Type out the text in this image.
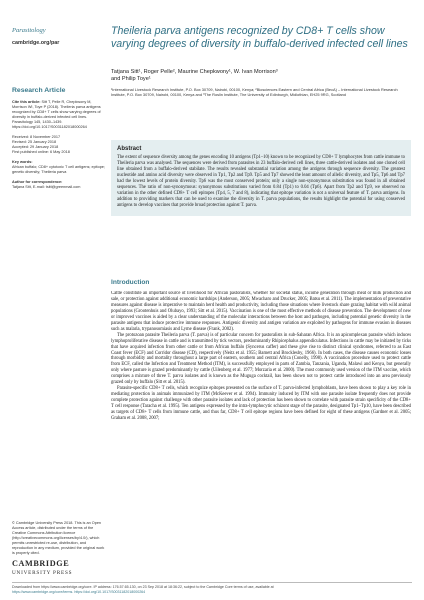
Parasitology
cambridge.org/par
Theileria parva antigens recognized by CD8+ T cells show varying degrees of diversity in buffalo-derived infected cell lines
Tatjana Sitt¹, Roger Pelle², Maurine Chepkwony¹, W. Ivan Morrison³
and Philip Toye¹
¹International Livestock Research Institute, P.O. Box 30709, Nairobi, 00100, Kenya; ²Biosciences Eastern and Central Africa (BecA) – International Livestock Research Institute, P.O. Box 30709, Nairobi, 00100, Kenya and ³The Roslin Institute, The University of Edinburgh, Midlothian, EH25 9RG, Scotland
Research Article
Cite this article: Sitt T, Pelle R, Chepkwony M, Morrison WI, Toye P (2018). Theileria parva antigens recognized by CD8+ T cells show varying degrees of diversity in buffalo-derived infected cell lines. Parasitology 145, 1430–1439. https://doi.org/10.1017/S0031182018000264
Received: 8 November 2017
Revised: 25 January 2018
Accepted: 29 January 2018
First published online: 6 May 2018
Key words:
African buffalo; CD8+ cytotoxic T cell antigens; epitope; genetic diversity; Theileria parva
Author for correspondence:
Tatjana Sitt, E-mail: tsitt@greenmail.com
Abstract
The extent of sequence diversity among the genes encoding 10 antigens (Tp1–10) known to be recognized by CD8+ T lymphocytes from cattle immune to Theileria parva was analysed. The sequences were derived from parasites in 23 buffalo-derived cell lines, three cattle-derived isolates and one cloned cell line obtained from a buffalo-derived stabilate. The results revealed substantial variation among the antigens through sequence diversity. The greatest nucleotide and amino acid diversity were observed in Tp1, Tp2 and Tp9. Tp5 and Tp7 showed the least amount of allelic diversity, and Tp5, Tp6 and Tp7 had the lowest levels of protein diversity. Tp6 was the most conserved protein; only a single non-synonymous substitution was found in all obtained sequences. The ratio of non-synonymous: synonymous substitutions varied from 0.84 (Tp1) to 0.04 (Tp6). Apart from Tp2 and Tp9, we observed no variation in the other defined CD8+ T cell epitopes (Tp4, 5, 7 and 8), indicating that epitope variation is not a universal feature of T. parva antigens. In addition to providing markers that can be used to examine the diversity in T. parva populations, the results highlight the potential for using conserved antigens to develop vaccines that provide broad protection against T. parva.
Introduction

Cattle constitute an important source of livelihood for African pastoralists, whether for societal status, income generation through meat or milk production and sale, or protection against additional economic hardships (Anderson, 2005; Mwacharo and Drucker, 2005; Batsu et al. 2011). The implementation of preventative measures against disease is imperative to maintain herd health and productivity, including those situations where livestock share grazing habitat with wild animal populations (Grootenhuis and Olubayo, 1993; Sitt et al. 2015). Vaccination is one of the most effective methods of disease prevention. The development of new or improved vaccines is aided by a clear understanding of the molecular interactions between the host and pathogen, including potential genetic diversity in the parasite antigens that induce protective immune responses. Antigenic diversity and antigen variation are exploited by pathogens for immune evasion in diseases such as malaria, trypanosomiasis and Lyme disease (Frank, 2002).

The protozoan parasite Theileria parva (T. parva) is of particular concern for pastoralists in sub-Saharan Africa. It is an apicomplexan parasite which induces lymphoproliferative disease in cattle and is transmitted by tick vectors, predominantly Rhipicephalus appendiculatus. Infections in cattle may be initiated by ticks that have acquired infection from other cattle or from African buffalo (Syncerus caffer) and these give rise to distinct clinical syndromes, referred to as East Coast fever (ECF) and Corridor disease (CD), respectively (Neitz et al. 1955; Barnett and Brocklesby, 1966). In both cases, the disease causes economic losses through morbidity and mortality throughout a large part of eastern, southern and central Africa (Conelly, 1998). A vaccination procedure used to protect cattle from ECF, called the Infection and Treatment Method (ITM), is successfully employed in parts of Zambia, Tanzania, Uganda, Malawi and Kenya, but generally only where pasture is grazed predominantly by cattle (Uilenberg et al. 1977; Morzaria et al. 2000). The most commonly used version of the ITM vaccine, which comprises a mixture of three T. parva isolates and is known as the Muguga cocktail, has been shown not to protect cattle introduced into an area previously grazed only by buffalo (Sitt et al. 2015).

Parasite-specific CD8+ T cells, which recognize epitopes presented on the surface of T. parva-infected lymphoblasts, have been shown to play a key role in mediating protection in animals immunized by ITM (McKeever et al. 1994). Immunity induced by ITM with one parasite isolate frequently does not provide complete protection against challenge with other parasite isolates and lack of protection has been shown to correlate with parasite strain specificity of the CD8+ T cell response (Taracha et al. 1995). Ten antigens expressed by the intra-lymphocytic schizont stage of the parasite, designated Tp1–Tp10, have been described as targets of CD8+ T cells from immune cattle, and thus far, CD8+ T cell epitope regions have been defined for eight of these antigens (Gardner et al. 2005; Graham et al. 2008, 2007;

© Cambridge University Press 2018. This is an Open Access article, distributed under the terms of the Creative Commons Attribution licence (http://creativecommons.org/licenses/by/4.0/), which permits unrestricted re-use, distribution, and reproduction in any medium, provided the original work is properly cited.
CAMBRIDGE
UNIVERSITY PRESS
Downloaded from https://www.cambridge.org/core. IP address: 176.57.65.130, on 23 Sep 2018 at 18:36:22, subject to the Cambridge Core terms of use, available at
https://www.cambridge.org/core/terms. https://doi.org/10.1017/S0031182018000264
